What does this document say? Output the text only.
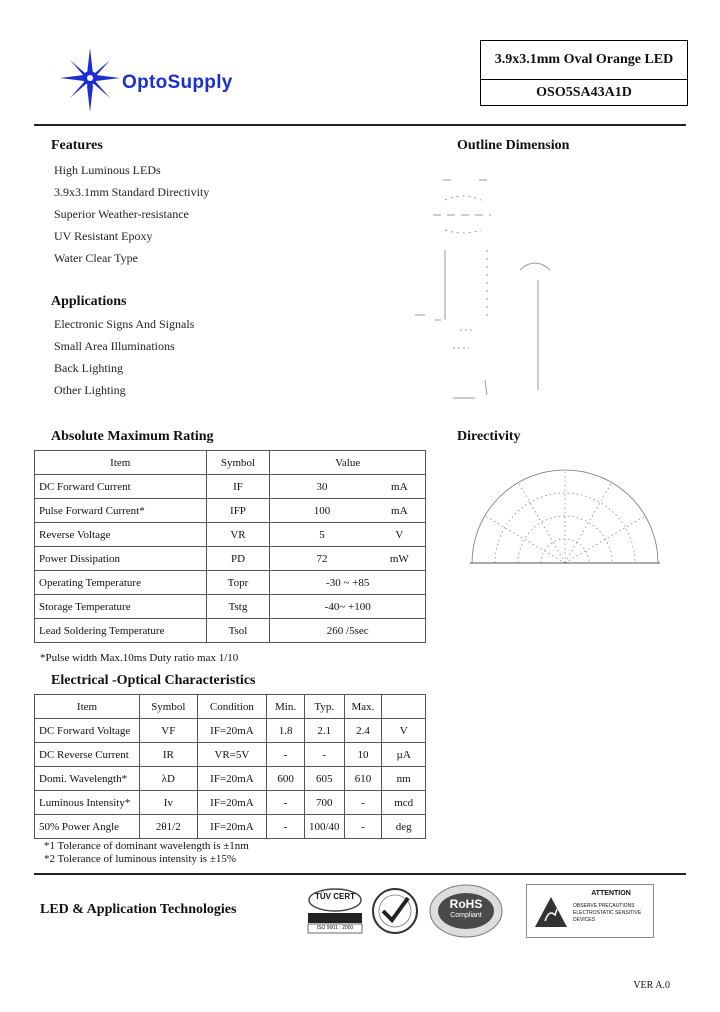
OptoSupply
3.9x3.1mm Oval Orange LED
OSO5SA43A1D
Features
High Luminous LEDs
3.9x3.1mm Standard Directivity
Superior Weather-resistance
UV Resistant Epoxy
Water Clear Type
Applications
Electronic Signs And Signals
Small Area Illuminations
Back Lighting
Other Lighting
Outline Dimension
Directivity
Absolute Maximum Rating
Item	Symbol	Value	
DC Forward Current	IF	30	mA
Pulse Forward Current*	IFP	100	mA
Reverse Voltage	VR	5	V
Power Dissipation	PD	72	mW
Operating Temperature	Topr	-30 ~ +85	
Storage Temperature	Tstg	-40~ +100	
Lead Soldering Temperature	Tsol	260 /5sec	
*Pulse width Max.10ms Duty ratio max 1/10
Electrical -Optical Characteristics
Item	Symbol	Condition	Min.	Typ.	Max.	
DC Forward Voltage	VF	IF=20mA	1.8	2.1	2.4	V
DC Reverse Current	IR	VR=5V	-	-	10	µA
Domi. Wavelength*	λD	IF=20mA	600	605	610	nm
Luminous Intensity*	Iv	IF=20mA	-	700	-	mcd
50% Power Angle	2θ1/2	IF=20mA	-	100/40	-	deg
*1 Tolerance of dominant wavelength is ±1nm
*2 Tolerance of luminous intensity is ±15%
LED & Application Technologies
TÜV CERT
ISO 9001 : 2000
RoHS
Compliant
ATTENTION
OBSERVE PRECAUTIONS ELECTROSTATIC SENSITIVE DEVICES
VER A.0
